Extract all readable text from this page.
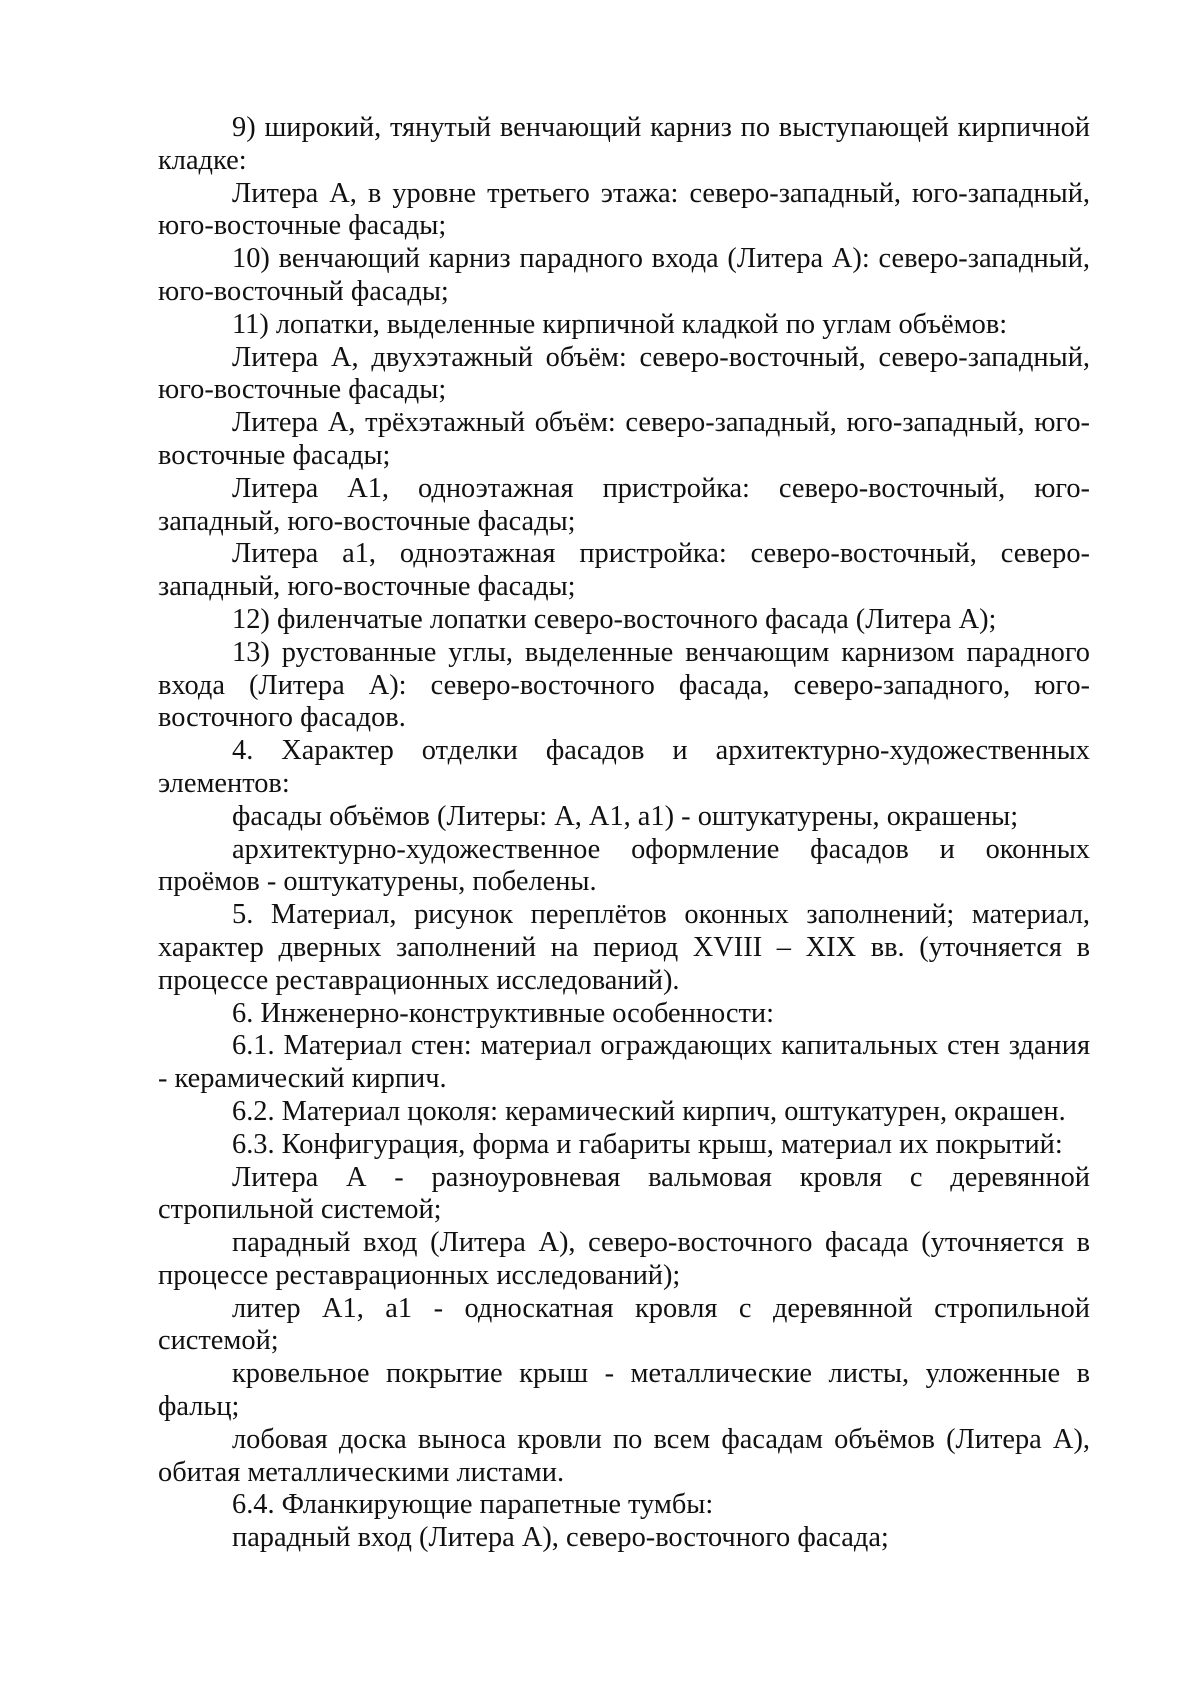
9) широкий, тянутый венчающий карниз по выступающей кирпичной кладке:

Литера А, в уровне третьего этажа: северо-западный, юго-западный, юго-восточные фасады;

10) венчающий карниз парадного входа (Литера А): северо-западный, юго-восточный фасады;

11) лопатки, выделенные кирпичной кладкой по углам объёмов:

Литера А, двухэтажный объём: северо-восточный, северо-западный, юго-восточные фасады;

Литера А, трёхэтажный объём: северо-западный, юго-западный, юго-восточные фасады;

Литера А1, одноэтажная пристройка: северо-восточный, юго-западный, юго-восточные фасады;

Литера а1, одноэтажная пристройка: северо-восточный, северо-западный, юго-восточные фасады;

12) филенчатые лопатки северо-восточного фасада (Литера А);

13) рустованные углы, выделенные венчающим карнизом парадного входа (Литера А): северо-восточного фасада, северо-западного, юго-восточного фасадов.

4. Характер отделки фасадов и архитектурно-художественных элементов:

фасады объёмов (Литеры: А, А1, а1) - оштукатурены, окрашены;

архитектурно-художественное оформление фасадов и оконных проёмов - оштукатурены, побелены.

5. Материал, рисунок переплётов оконных заполнений; материал, характер дверных заполнений на период XVIII – XIX вв. (уточняется в процессе реставрационных исследований).

6. Инженерно-конструктивные особенности:

6.1. Материал стен: материал ограждающих капитальных стен здания - керамический кирпич.

6.2. Материал цоколя: керамический кирпич, оштукатурен, окрашен.

6.3. Конфигурация, форма и габариты крыш, материал их покрытий:

Литера А - разноуровневая вальмовая кровля с деревянной стропильной системой;

парадный вход (Литера А), северо-восточного фасада (уточняется в процессе реставрационных исследований);

литер А1, а1 - односкатная кровля с деревянной стропильной системой;

кровельное покрытие крыш - металлические листы, уложенные в фальц;

лобовая доска выноса кровли по всем фасадам объёмов (Литера А), обитая металлическими листами.

6.4. Фланкирующие парапетные тумбы:

парадный вход (Литера А), северо-восточного фасада;
